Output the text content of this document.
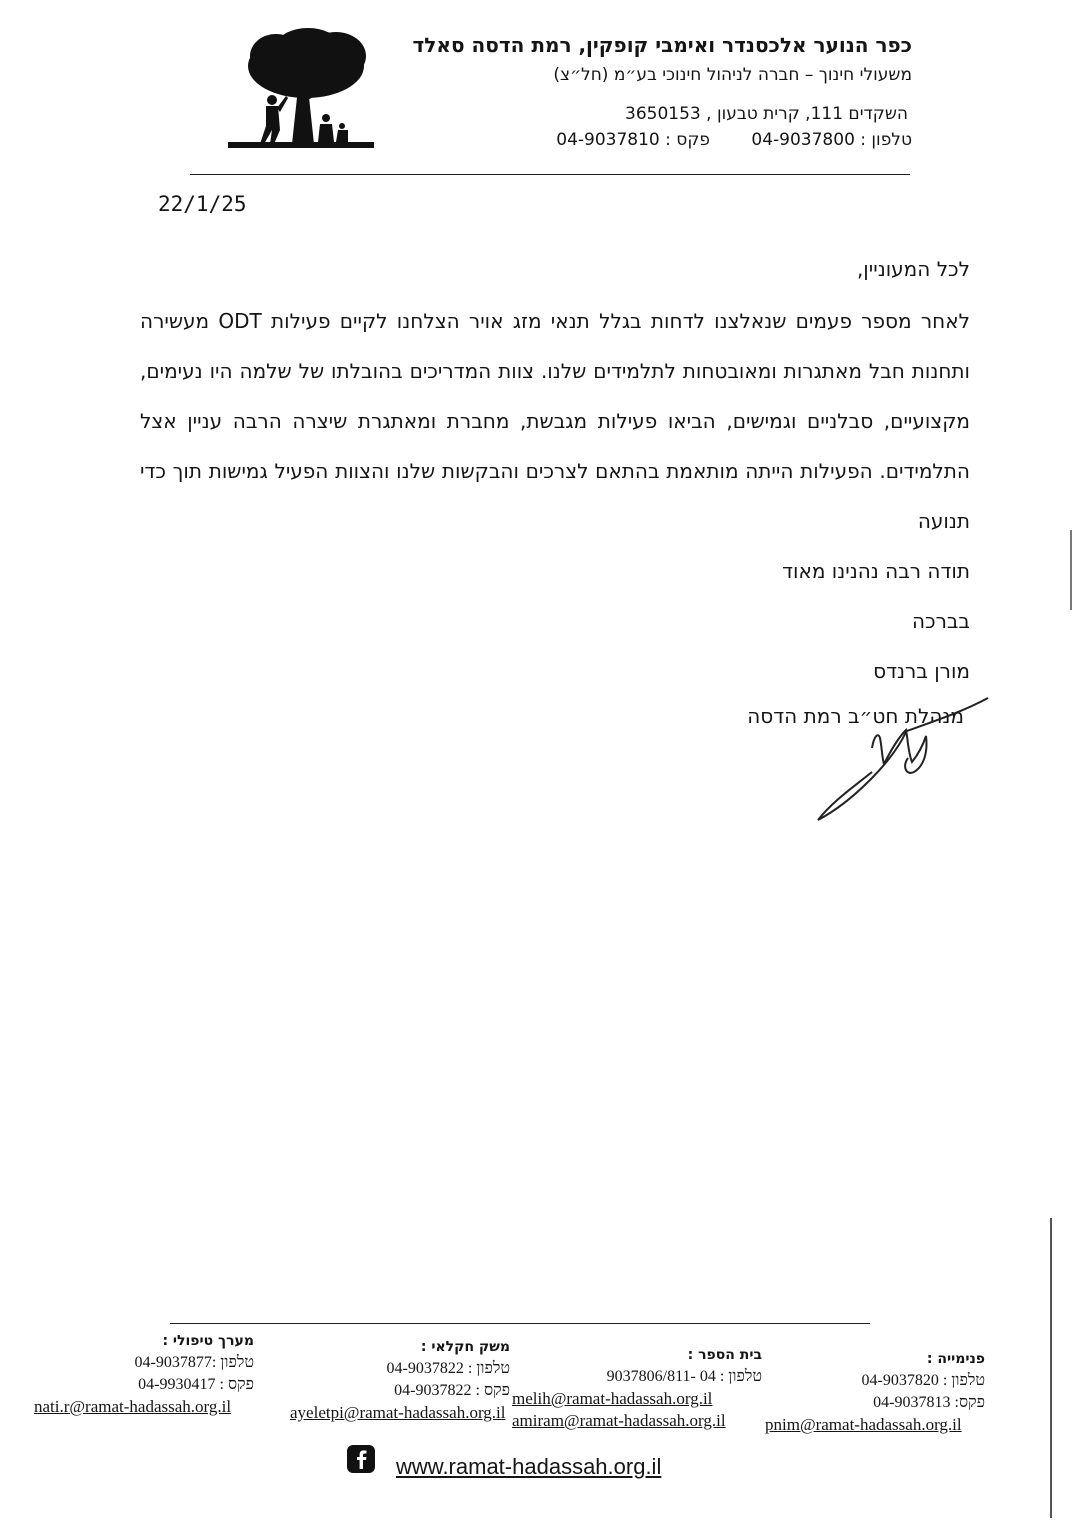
כפר הנוער אלכסנדר ואימבי קופקין, רמת הדסה סאלד
משעולי חינוך – חברה לניהול חינוכי בע״מ (חל״צ)
השקדים 111, קרית טבעון , 3650153
טלפון : 04-9037800 פקס : 04-9037810
22/1/25
לכל המעוניין,

לאחר מספר פעמים שנאלצנו לדחות בגלל תנאי מזג אויר הצלחנו לקיים פעילות ODT מעשירה ותחנות חבל מאתגרות ומאובטחות לתלמידים שלנו. צוות המדריכים בהובלתו של שלמה היו נעימים, מקצועיים, סבלניים וגמישים, הביאו פעילות מגבשת, מחברת ומאתגרת שיצרה הרבה עניין אצל התלמידים. הפעילות הייתה מותאמת בהתאם לצרכים והבקשות שלנו והצוות הפעיל גמישות תוך כדי תנועה

תודה רבה נהנינו מאוד
בברכה
מורן ברנדס
מנהלת חט״ב רמת הדסה
פנימייה :
טלפון : 04-9037820
פקס: 04-9037813
pnim@ramat-hadassah.org.il
בית הספר :
טלפון : 04 -9037806/811
melih@ramat-hadassah.org.il
amiram@ramat-hadassah.org.il
משק חקלאי :
טלפון : 04-9037822
פקס : 04-9037822
ayeletpi@ramat-hadassah.org.il
מערך טיפולי :
טלפון :04-9037877
פקס : 04-9930417
nati.r@ramat-hadassah.org.il
www.ramat-hadassah.org.il
